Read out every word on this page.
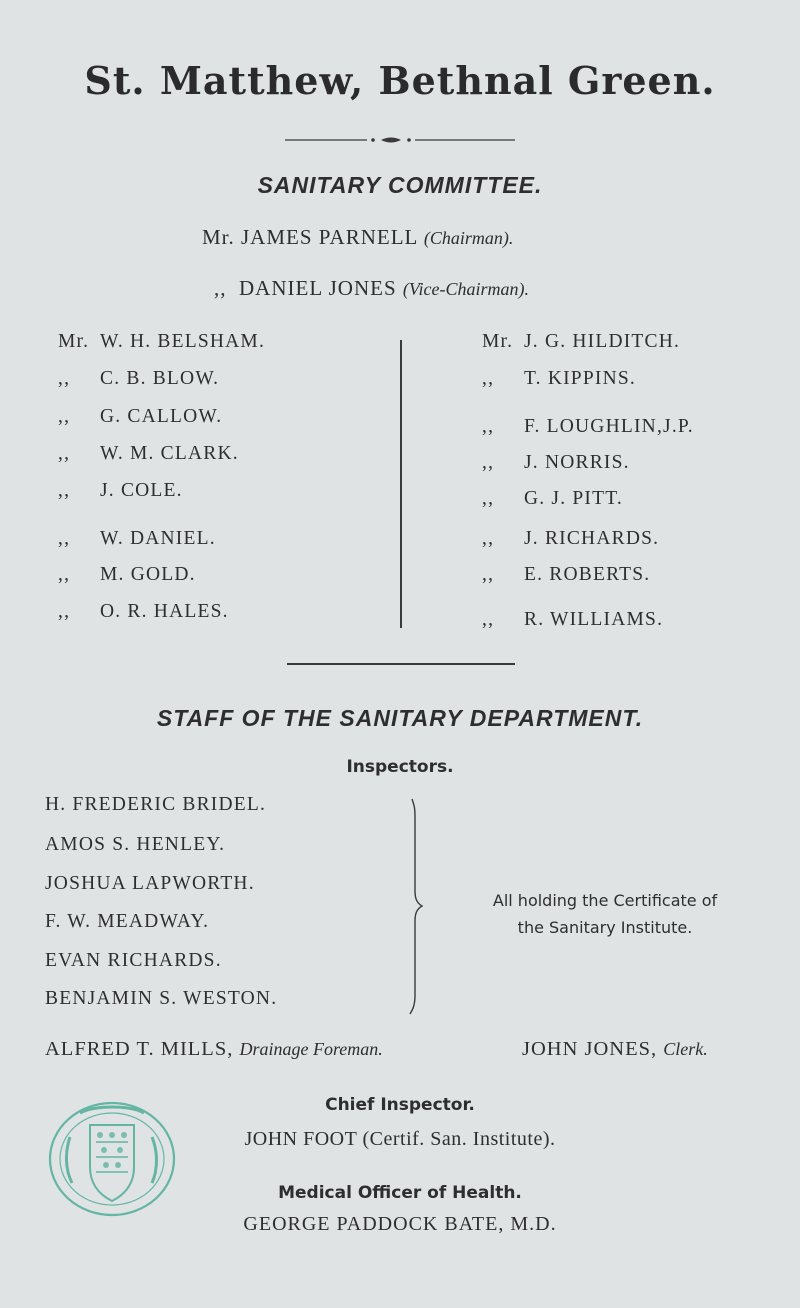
St. Matthew, Bethnal Green.
SANITARY COMMITTEE.
Mr. JAMES PARNELL (Chairman).
,, DANIEL JONES (Vice-Chairman).
Mr. W. H. BELSHAM.
,, C. B. BLOW.
,, G. CALLOW.
,, W. M. CLARK.
,, J. COLE.
,, W. DANIEL.
,, M. GOLD.
,, O. R. HALES.
Mr. J. G. HILDITCH.
,, T. KIPPINS.
,, F. LOUGHLIN,J.P.
,, J. NORRIS.
,, G. J. PITT.
,, J. RICHARDS.
,, E. ROBERTS.
,, R. WILLIAMS.
STAFF OF THE SANITARY DEPARTMENT.
Inspectors.
H. FREDERIC BRIDEL.
AMOS S. HENLEY.
JOSHUA LAPWORTH.
F. W. MEADWAY.
EVAN RICHARDS.
BENJAMIN S. WESTON.
All holding the Certificate of
the Sanitary Institute.
ALFRED T. MILLS, Drainage Foreman.	JOHN JONES, Clerk.
Chief Inspector.
JOHN FOOT (Certif. San. Institute).
Medical Officer of Health.
GEORGE PADDOCK BATE, M.D.
